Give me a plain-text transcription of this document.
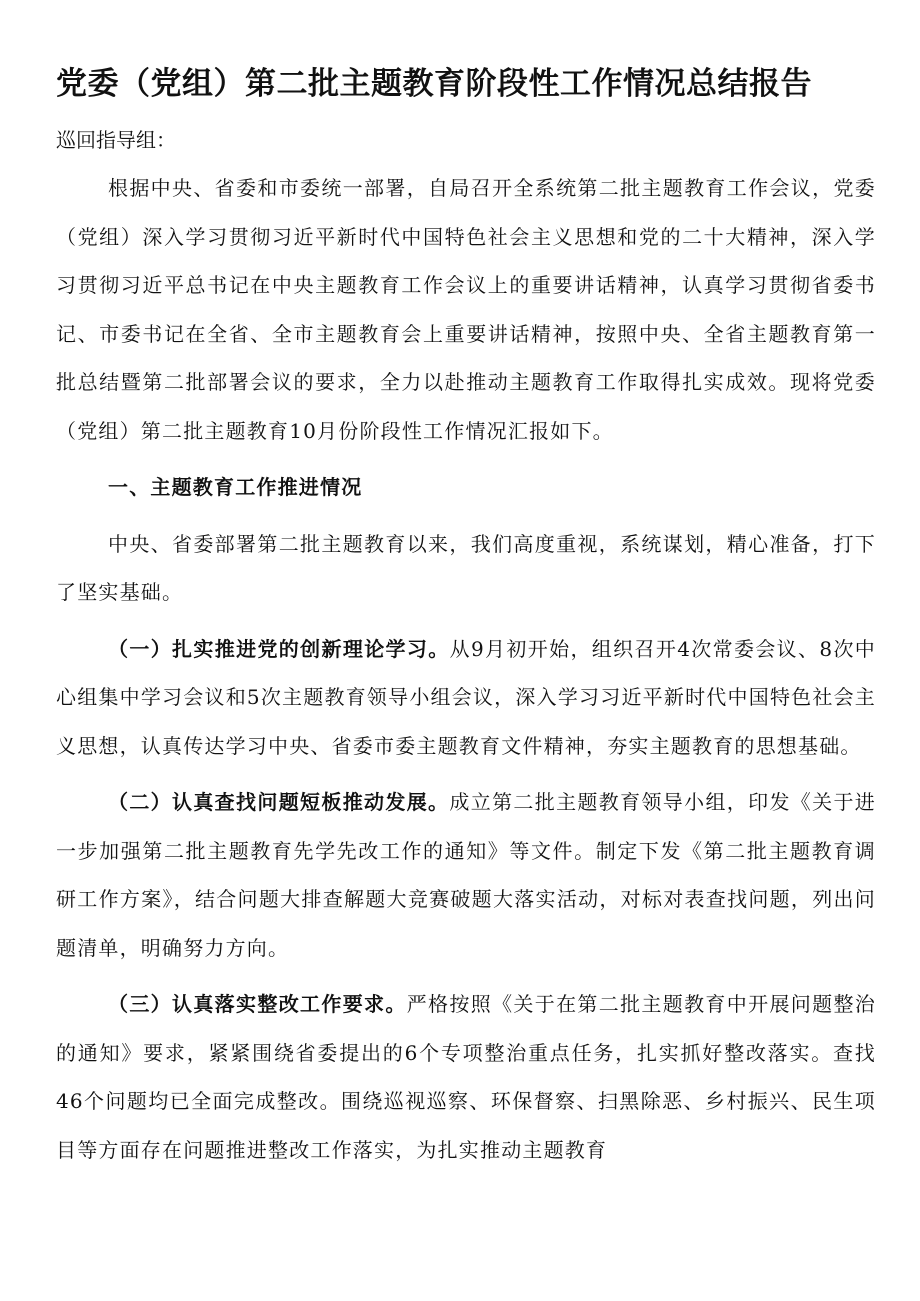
党委（党组）第二批主题教育阶段性工作情况总结报告
巡回指导组：

根据中央、省委和市委统一部署，自局召开全系统第二批主题教育工作会议，党委（党组）深入学习贯彻习近平新时代中国特色社会主义思想和党的二十大精神，深入学习贯彻习近平总书记在中央主题教育工作会议上的重要讲话精神，认真学习贯彻省委书记、市委书记在全省、全市主题教育会上重要讲话精神，按照中央、全省主题教育第一批总结暨第二批部署会议的要求，全力以赴推动主题教育工作取得扎实成效。现将党委（党组）第二批主题教育10月份阶段性工作情况汇报如下。

一、主题教育工作推进情况

中央、省委部署第二批主题教育以来，我们高度重视，系统谋划，精心准备，打下了坚实基础。

（一）扎实推进党的创新理论学习。从9月初开始，组织召开4次常委会议、8次中心组集中学习会议和5次主题教育领导小组会议，深入学习习近平新时代中国特色社会主义思想，认真传达学习中央、省委市委主题教育文件精神，夯实主题教育的思想基础。

（二）认真查找问题短板推动发展。成立第二批主题教育领导小组，印发《关于进一步加强第二批主题教育先学先改工作的通知》等文件。制定下发《第二批主题教育调研工作方案》，结合问题大排查解题大竞赛破题大落实活动，对标对表查找问题，列出问题清单，明确努力方向。

（三）认真落实整改工作要求。严格按照《关于在第二批主题教育中开展问题整治的通知》要求，紧紧围绕省委提出的6个专项整治重点任务，扎实抓好整改落实。查找46个问题均已全面完成整改。围绕巡视巡察、环保督察、扫黑除恶、乡村振兴、民生项目等方面存在问题推进整改工作落实，为扎实推动主题教育
